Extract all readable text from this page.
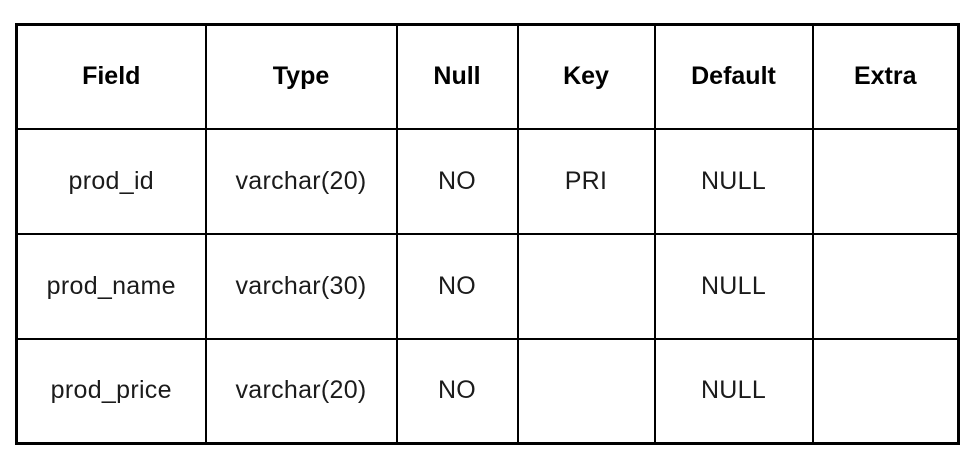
Field	Type	Null	Key	Default	Extra
prod_id	varchar(20)	NO	PRI	NULL	
prod_name	varchar(30)	NO		NULL	
prod_price	varchar(20)	NO		NULL	
